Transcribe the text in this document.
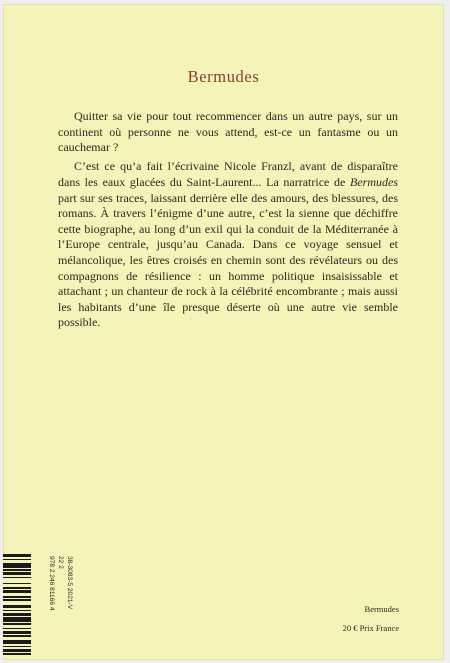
Bermudes

Quitter sa vie pour tout recommencer dans un autre pays, sur un continent où personne ne vous attend, est-ce un fantasme ou un cauchemar ?

C’est ce qu’a fait l’écrivaine Nicole Franzl, avant de disparaître dans les eaux glacées du Saint-Laurent... La narratrice de Bermudes part sur ses traces, laissant derrière elle des amours, des blessures, des romans. À travers l’énigme d’une autre, c’est la sienne que déchiffre cette biographe, au long d’un exil qui la conduit de la Méditerranée à l’Europe centrale, jusqu’au Canada. Dans ce voyage sensuel et mélancolique, les êtres croisés en chemin sont des révélateurs ou des compagnons de résilience : un homme politique insaisissable et attachant ; un chanteur de rock à la célébrité encombrante ; mais aussi les habitants d’une île presque déserte où une autre vie semble possible.

38-3083-5 2021-V
22 2
978 2 246 81166 4	Bermudes
20 € Prix France
